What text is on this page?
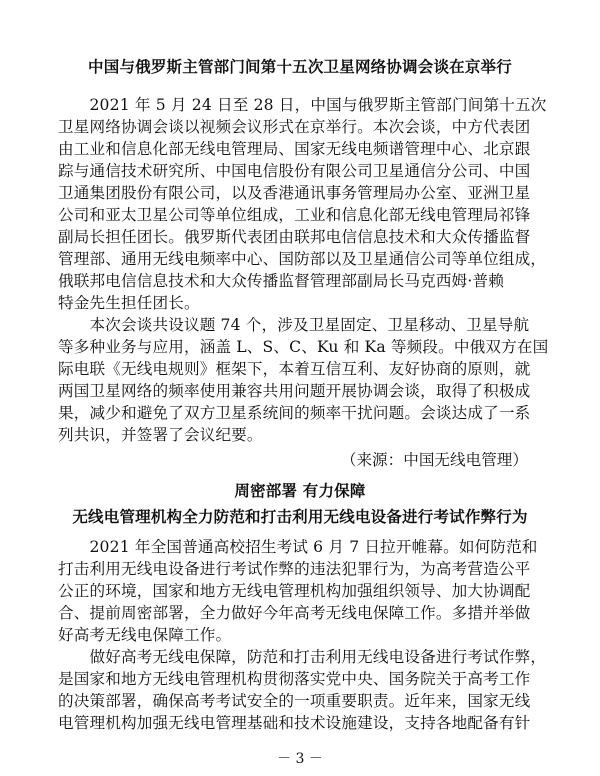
中国与俄罗斯主管部门间第十五次卫星网络协调会谈在京举行
　　2021 年 5 月 24 日至 28 日，中国与俄罗斯主管部门间第十五次
卫星网络协调会谈以视频会议形式在京举行。本次会谈，中方代表团
由工业和信息化部无线电管理局、国家无线电频谱管理中心、北京跟
踪与通信技术研究所、中国电信股份有限公司卫星通信分公司、中国
卫通集团股份有限公司，以及香港通讯事务管理局办公室、亚洲卫星
公司和亚太卫星公司等单位组成，工业和信息化部无线电管理局祁锋
副局长担任团长。俄罗斯代表团由联邦电信信息技术和大众传播监督
管理部、通用无线电频率中心、国防部以及卫星通信公司等单位组成，
俄联邦电信信息技术和大众传播监督管理部副局长马克西姆·普赖
特金先生担任团长。
　　本次会谈共设议题 74 个，涉及卫星固定、卫星移动、卫星导航
等多种业务与应用，涵盖 L、S、C、Ku 和 Ka 等频段。中俄双方在国
际电联《无线电规则》框架下，本着互信互利、友好协商的原则，就
两国卫星网络的频率使用兼容共用问题开展协调会谈，取得了积极成
果，减少和避免了双方卫星系统间的频率干扰问题。会谈达成了一系
列共识，并签署了会议纪要。
（来源：中国无线电管理）
周密部署 有力保障
无线电管理机构全力防范和打击利用无线电设备进行考试作弊行为
　　2021 年全国普通高校招生考试 6 月 7 日拉开帷幕。如何防范和
打击利用无线电设备进行考试作弊的违法犯罪行为，为高考营造公平
公正的环境，国家和地方无线电管理机构加强组织领导、加大协调配
合、提前周密部署，全力做好今年高考无线电保障工作。多措并举做
好高考无线电保障工作。
　　做好高考无线电保障，防范和打击利用无线电设备进行考试作弊，
是国家和地方无线电管理机构贯彻落实党中央、国务院关于高考工作
的决策部署，确保高考考试安全的一项重要职责。近年来，国家无线
电管理机构加强无线电管理基础和技术设施建设，支持各地配备有针
－ 3 －
